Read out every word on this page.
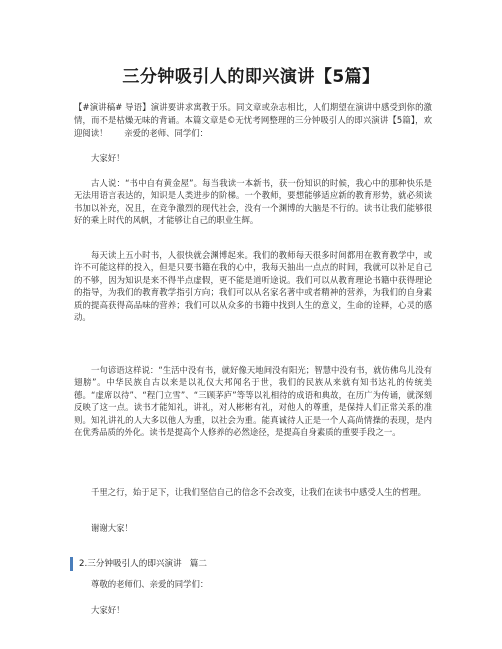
三分钟吸引人的即兴演讲【5篇】
【#演讲稿# 导语】演讲要讲求寓教于乐。同文章或杂志相比，人们期望在演讲中感受到你的激情，而不是枯燥无味的背诵。本篇文章是©无忧考网整理的三分钟吸引人的即兴演讲【5篇】，欢迎阅读！　　亲爱的老师、同学们：

大家好！

古人说：“书中自有黄金屋”。每当我读一本新书，获一份知识的时候，我心中的那种快乐是无法用语言表达的，知识是人类进步的阶梯。一个教师，要想能够适应新的教育形势，就必须读书加以补充，况且，在竞争激烈的现代社会，没有一个渊博的大脑是不行的。读书让我们能够很好的乘上时代的风帆，才能够让自己的职业生辉。

每天读上五小时书，人很快就会渊博起来。我们的教师每天很多时间都用在教育教学中，或许不可能这样的投入，但是只要书籍在我的心中，我每天抽出一点点的时间，我就可以补足自己的不够，因为知识是来不得半点虚假，更不能是道听途说。我们可以从教育理论书籍中获得理论的指导，为我们的教育教学指引方向；我们可以从名家名著中或者精神的营养，为我们的自身素质的提高获得高品味的营养；我们可以从众多的书籍中找到人生的意义，生命的诠释，心灵的感动。

一句谚语这样说：“生活中没有书，就好像天地间没有阳光；智慧中没有书，就仿佛鸟儿没有翅膀”。中华民族自古以来是以礼仪大邦闻名于世，我们的民族从来就有知书达礼的传统美德。“虚席以待”、“程门立雪”、“三顾茅庐”等等以礼相待的成语和典故，在历广为传诵，就深刻反映了这一点。读书才能知礼，讲礼，对人彬彬有礼，对他人的尊重，是保持人们正常关系的准则。知礼讲礼的人大多以他人为重，以社会为重。能真诚待人正是一个人高尚情操的表现，是内在优秀品质的外化。读书是提高个人修养的必然途径，是提高自身素质的重要手段之一。

千里之行，始于足下，让我们坚信自己的信念不会改变，让我们在读书中感受人生的哲理。

谢谢大家！

2.三分钟吸引人的即兴演讲 篇二

尊敬的老师们、亲爱的同学们：

大家好！
